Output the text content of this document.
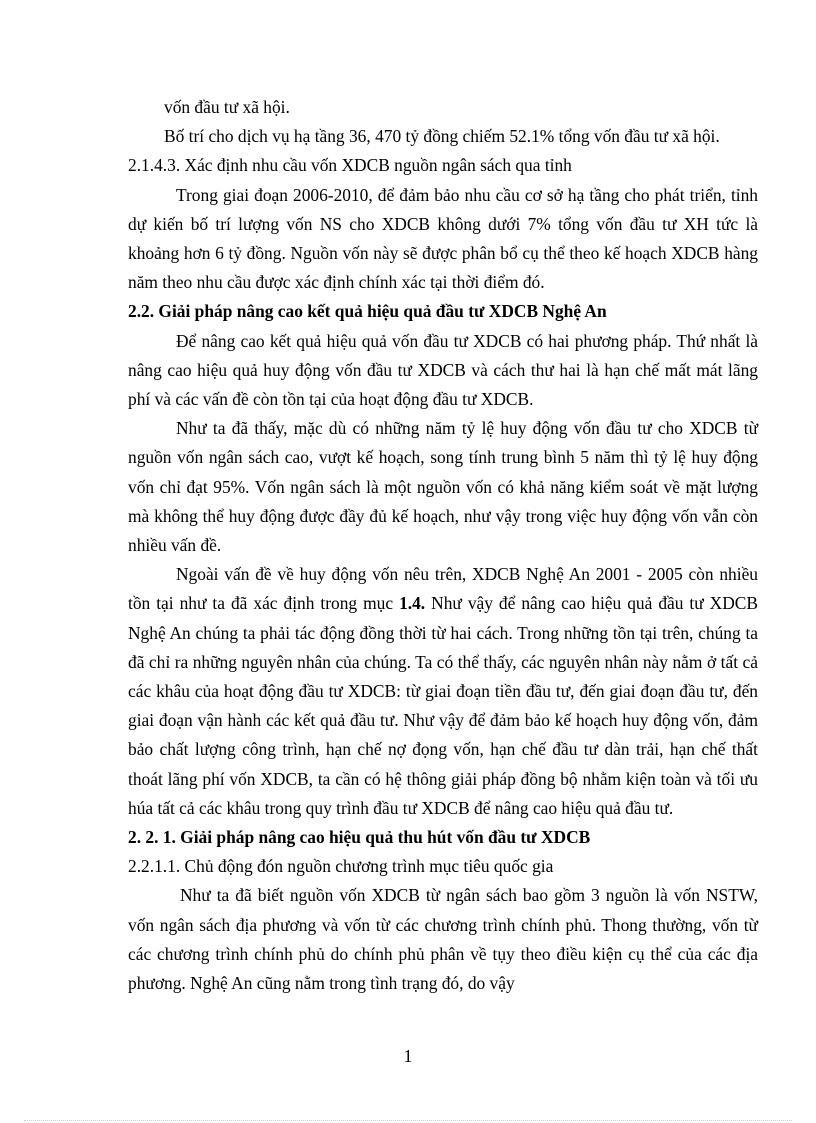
vốn đầu tư xã hội.

Bố trí cho dịch vụ hạ tầng 36, 470 tỷ đồng chiếm 52.1% tổng vốn đầu tư xã hội.

2.1.4.3. Xác định nhu cầu vốn XDCB nguồn ngân sách qua tỉnh

Trong giai đoạn 2006-2010, để đảm bảo nhu cầu cơ sở hạ tầng cho phát triển, tỉnh dự kiến bố trí lượng vốn NS cho XDCB không dưới 7% tổng vốn đầu tư XH tức là khoảng hơn 6 tỷ đồng. Nguồn vốn này sẽ được phân bổ cụ thể theo kế hoạch XDCB hàng năm theo nhu cầu được xác định chính xác tại thời điểm đó.

2.2. Giải pháp nâng cao kết quả hiệu quả đầu tư XDCB Nghệ An

Để nâng cao kết quả hiệu quả vốn đầu tư XDCB có hai phương pháp. Thứ nhất là nâng cao hiệu quả huy động vốn đầu tư XDCB và cách thư hai là hạn chế mất mát lãng phí và các vấn đề còn tồn tại của hoạt động đầu tư XDCB.

Như ta đã thấy, mặc dù có những năm tỷ lệ huy động vốn đầu tư cho XDCB từ nguồn vốn ngân sách cao, vượt kế hoạch, song tính trung bình 5 năm thì tỷ lệ huy động vốn chỉ đạt 95%. Vốn ngân sách là một nguồn vốn có khả năng kiểm soát về mặt lượng mà không thể huy động được đầy đủ kế hoạch, như vậy trong việc huy động vốn vẫn còn nhiều vấn đề.

Ngoài vấn đề về huy động vốn nêu trên, XDCB Nghệ An 2001 - 2005 còn nhiều tồn tại như ta đã xác định trong mục 1.4. Như vậy để nâng cao hiệu quả đầu tư XDCB Nghệ An chúng ta phải tác động đồng thời từ hai cách. Trong những tồn tại trên, chúng ta đã chỉ ra những nguyên nhân của chúng. Ta có thể thấy, các nguyên nhân này nằm ở tất cả các khâu của hoạt động đầu tư XDCB: từ giai đoạn tiền đầu tư, đến giai đoạn đầu tư, đến giai đoạn vận hành các kết quả đầu tư. Như vậy để đảm bảo kế hoạch huy động vốn, đảm bảo chất lượng công trình, hạn chế nợ đọng vốn, hạn chế đầu tư dàn trải, hạn chế thất thoát lãng phí vốn XDCB, ta cần có hệ thông giải pháp đồng bộ nhằm kiện toàn và tối ưu húa tất cả các khâu trong quy trình đầu tư XDCB để nâng cao hiệu quả đầu tư.

2. 2. 1. Giải pháp nâng cao hiệu quả thu hút vốn đầu tư XDCB

2.2.1.1. Chủ động đón nguồn chương trình mục tiêu quốc gia

Như ta đã biết nguồn vốn XDCB từ ngân sách bao gồm 3 nguồn là vốn NSTW, vốn ngân sách địa phương và vốn từ các chương trình chính phủ. Thong thường, vốn từ các chương trình chính phủ do chính phủ phân về tụy theo điều kiện cụ thể của các địa phương. Nghệ An cũng nằm trong tình trạng đó, do vậy

1
